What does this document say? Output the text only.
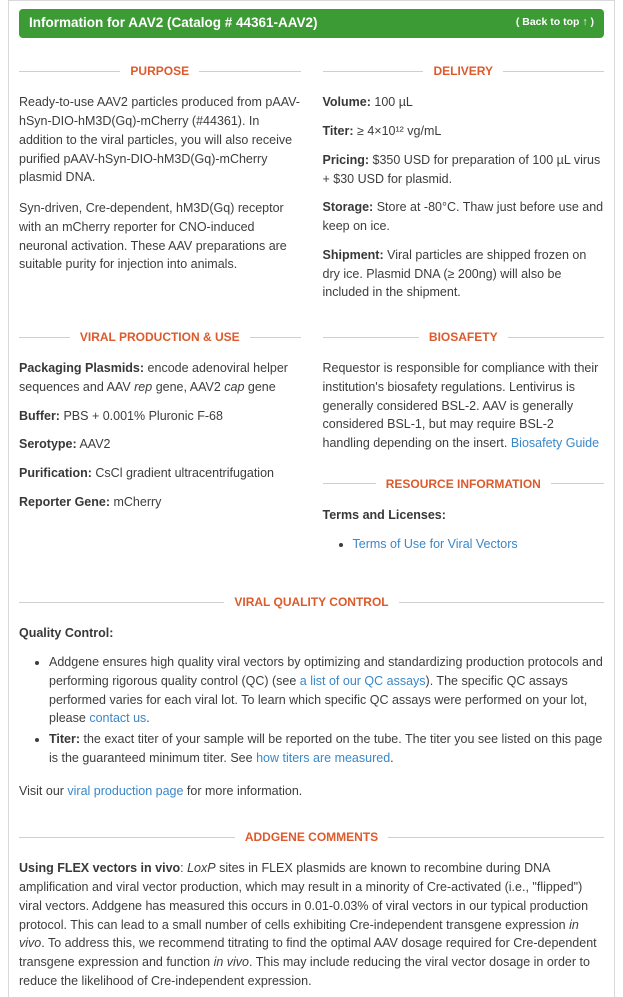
Information for AAV2 (Catalog # 44361-AAV2)	( Back to top ↑ )
PURPOSE

Ready-to-use AAV2 particles produced from pAAV-hSyn-DIO-hM3D(Gq)-mCherry (#44361). In addition to the viral particles, you will also receive purified pAAV-hSyn-DIO-hM3D(Gq)-mCherry plasmid DNA.

Syn-driven, Cre-dependent, hM3D(Gq) receptor with an mCherry reporter for CNO-induced neuronal activation. These AAV preparations are suitable purity for injection into animals.

DELIVERY

Volume: 100 µL

Titer: ≥ 4×10¹² vg/mL

Pricing: $350 USD for preparation of 100 µL virus + $30 USD for plasmid.

Storage: Store at -80°C. Thaw just before use and keep on ice.

Shipment: Viral particles are shipped frozen on dry ice. Plasmid DNA (≥ 200ng) will also be included in the shipment.

VIRAL PRODUCTION & USE

Packaging Plasmids: encode adenoviral helper sequences and AAV rep gene, AAV2 cap gene

Buffer: PBS + 0.001% Pluronic F-68

Serotype: AAV2

Purification: CsCl gradient ultracentrifugation

Reporter Gene: mCherry

BIOSAFETY

Requestor is responsible for compliance with their institution's biosafety regulations. Lentivirus is generally considered BSL-2. AAV is generally considered BSL-1, but may require BSL-2 handling depending on the insert. Biosafety Guide

RESOURCE INFORMATION

Terms and Licenses:

• Terms of Use for Viral Vectors
VIRAL QUALITY CONTROL

Quality Control:

• Addgene ensures high quality viral vectors by optimizing and standardizing production protocols and performing rigorous quality control (QC) (see a list of our QC assays). The specific QC assays performed varies for each viral lot. To learn which specific QC assays were performed on your lot, please contact us.
• Titer: the exact titer of your sample will be reported on the tube. The titer you see listed on this page is the guaranteed minimum titer. See how titers are measured.

Visit our viral production page for more information.

ADDGENE COMMENTS

Using FLEX vectors in vivo: LoxP sites in FLEX plasmids are known to recombine during DNA amplification and viral vector production, which may result in a minority of Cre-activated (i.e., "flipped") viral vectors. Addgene has measured this occurs in 0.01-0.03% of viral vectors in our typical production protocol. This can lead to a small number of cells exhibiting Cre-independent transgene expression in vivo. To address this, we recommend titrating to find the optimal AAV dosage required for Cre-dependent transgene expression and function in vivo. This may include reducing the viral vector dosage in order to reduce the likelihood of Cre-independent expression.
